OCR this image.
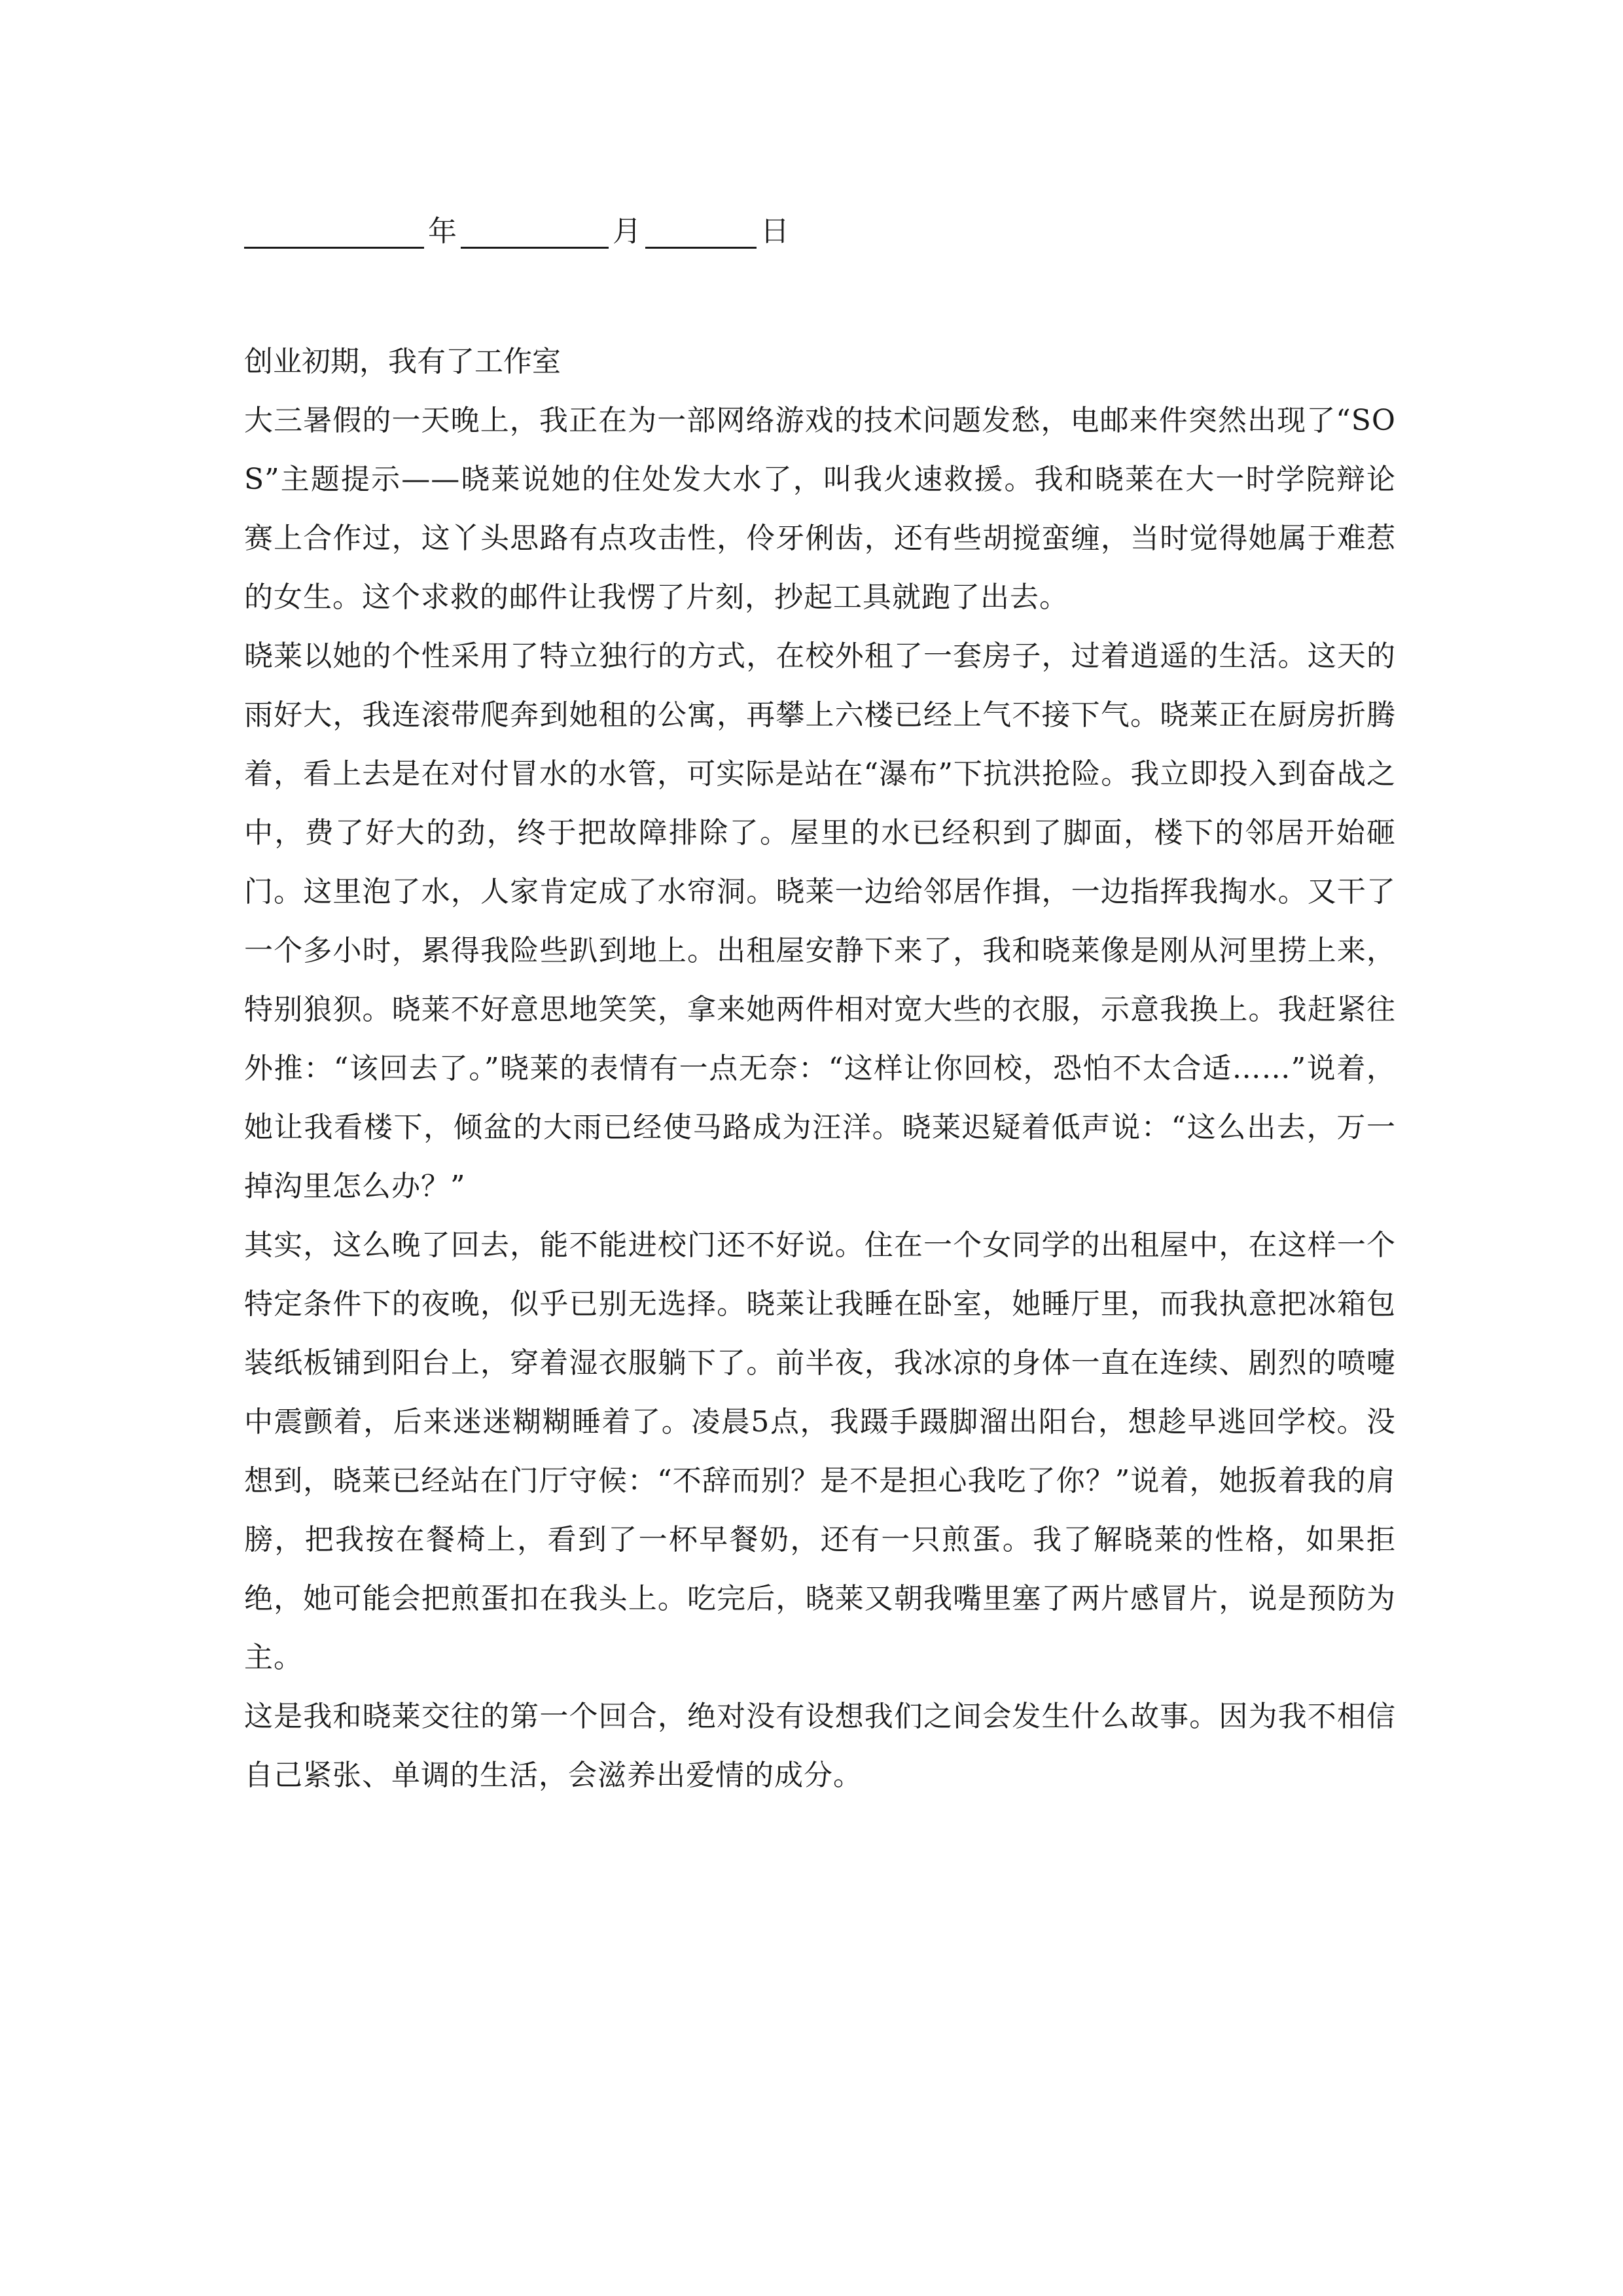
年	月	日

创业初期，我有了工作室

大三暑假的一天晚上，我正在为一部网络游戏的技术问题发愁，电邮来件突然出现了“SOS”主题提示——晓莱说她的住处发大水了，叫我火速救援。我和晓莱在大一时学院辩论赛上合作过，这丫头思路有点攻击性，伶牙俐齿，还有些胡搅蛮缠，当时觉得她属于难惹的女生。这个求救的邮件让我愣了片刻，抄起工具就跑了出去。

晓莱以她的个性采用了特立独行的方式，在校外租了一套房子，过着逍遥的生活。这天的雨好大，我连滚带爬奔到她租的公寓，再攀上六楼已经上气不接下气。晓莱正在厨房折腾着，看上去是在对付冒水的水管，可实际是站在“瀑布”下抗洪抢险。我立即投入到奋战之中，费了好大的劲，终于把故障排除了。屋里的水已经积到了脚面，楼下的邻居开始砸门。这里泡了水，人家肯定成了水帘洞。晓莱一边给邻居作揖，一边指挥我掏水。又干了一个多小时，累得我险些趴到地上。出租屋安静下来了，我和晓莱像是刚从河里捞上来，特别狼狈。晓莱不好意思地笑笑，拿来她两件相对宽大些的衣服，示意我换上。我赶紧往外推：“该回去了。”晓莱的表情有一点无奈：“这样让你回校，恐怕不太合适……”说着，她让我看楼下，倾盆的大雨已经使马路成为汪洋。晓莱迟疑着低声说：“这么出去，万一掉沟里怎么办？”

其实，这么晚了回去，能不能进校门还不好说。住在一个女同学的出租屋中，在这样一个特定条件下的夜晚，似乎已别无选择。晓莱让我睡在卧室，她睡厅里，而我执意把冰箱包装纸板铺到阳台上，穿着湿衣服躺下了。前半夜，我冰凉的身体一直在连续、剧烈的喷嚏中震颤着，后来迷迷糊糊睡着了。凌晨5点，我蹑手蹑脚溜出阳台，想趁早逃回学校。没想到，晓莱已经站在门厅守候：“不辞而别？是不是担心我吃了你？”说着，她扳着我的肩膀，把我按在餐椅上，看到了一杯早餐奶，还有一只煎蛋。我了解晓莱的性格，如果拒绝，她可能会把煎蛋扣在我头上。吃完后，晓莱又朝我嘴里塞了两片感冒片，说是预防为主。

这是我和晓莱交往的第一个回合，绝对没有设想我们之间会发生什么故事。因为我不相信自己紧张、单调的生活，会滋养出爱情的成分。
